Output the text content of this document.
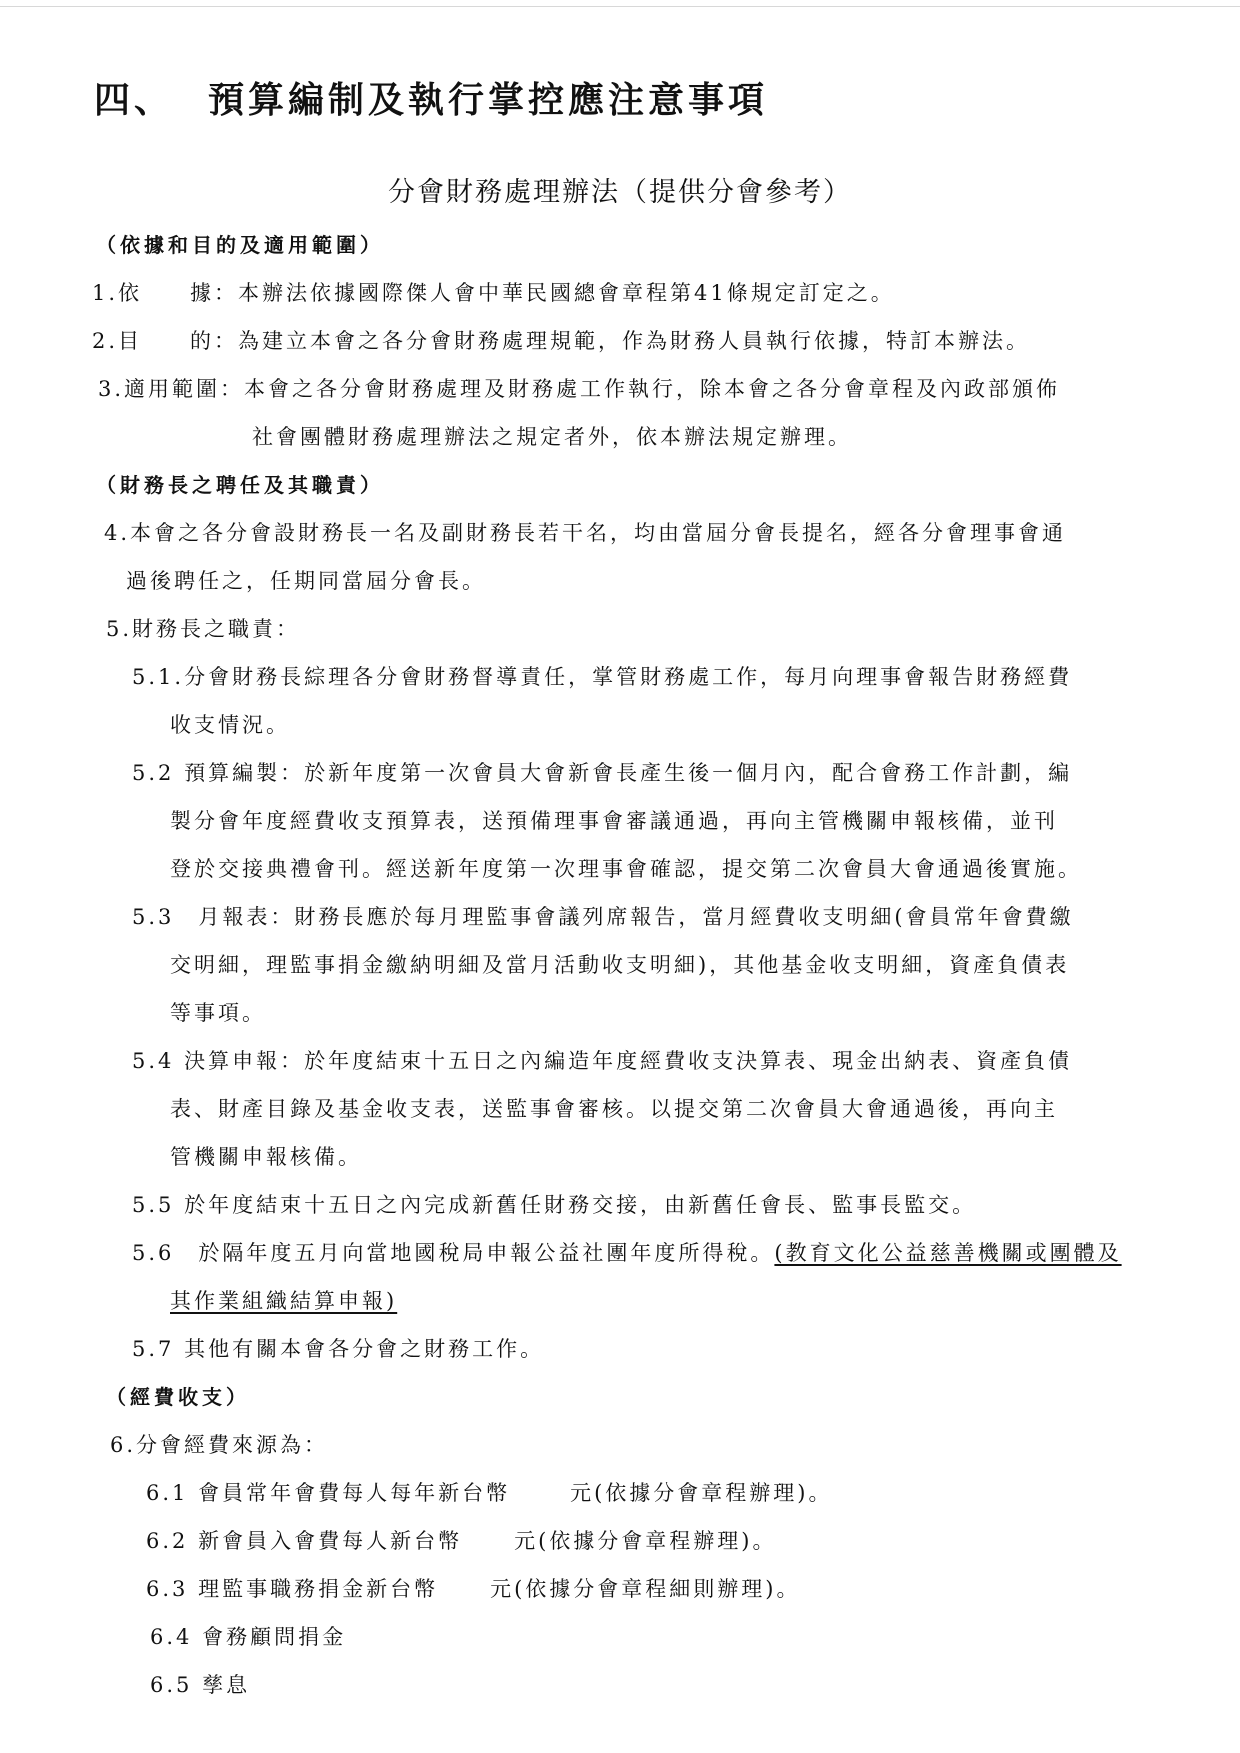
四、 預算編制及執行掌控應注意事項
分會財務處理辦法（提供分會參考）
（依據和目的及適用範圍）
1.依　　據：本辦法依據國際傑人會中華民國總會章程第41條規定訂定之。
2.目　　的：為建立本會之各分會財務處理規範，作為財務人員執行依據，特訂本辦法。
3.適用範圍：本會之各分會財務處理及財務處工作執行，除本會之各分會章程及內政部頒佈
社會團體財務處理辦法之規定者外，依本辦法規定辦理。
（財務長之聘任及其職責）
4.本會之各分會設財務長一名及副財務長若干名，均由當屆分會長提名，經各分會理事會通
過後聘任之，任期同當屆分會長。
5.財務長之職責：
5.1.分會財務長綜理各分會財務督導責任，掌管財務處工作，每月向理事會報告財務經費
收支情況。
5.2 預算編製：於新年度第一次會員大會新會長產生後一個月內，配合會務工作計劃，編
製分會年度經費收支預算表，送預備理事會審議通過，再向主管機關申報核備，並刊
登於交接典禮會刊。經送新年度第一次理事會確認，提交第二次會員大會通過後實施。
5.3　月報表：財務長應於每月理監事會議列席報告，當月經費收支明細(會員常年會費繳
交明細，理監事捐金繳納明細及當月活動收支明細)，其他基金收支明細，資產負債表
等事項。
5.4 決算申報：於年度結束十五日之內編造年度經費收支決算表、現金出納表、資產負債
表、財產目錄及基金收支表，送監事會審核。以提交第二次會員大會通過後，再向主
管機關申報核備。
5.5 於年度結束十五日之內完成新舊任財務交接，由新舊任會長、監事長監交。
5.6　於隔年度五月向當地國稅局申報公益社團年度所得稅。(教育文化公益慈善機關或團體及
其作業組織結算申報)
5.7 其他有關本會各分會之財務工作。
（經費收支）
6.分會經費來源為：
6.1 會員常年會費每人每年新台幣	元(依據分會章程辦理)。
6.2 新會員入會費每人新台幣 元(依據分會章程辦理)。
6.3 理監事職務捐金新台幣 元(依據分會章程細則辦理)。
6.4 會務顧問捐金
6.5 孳息
